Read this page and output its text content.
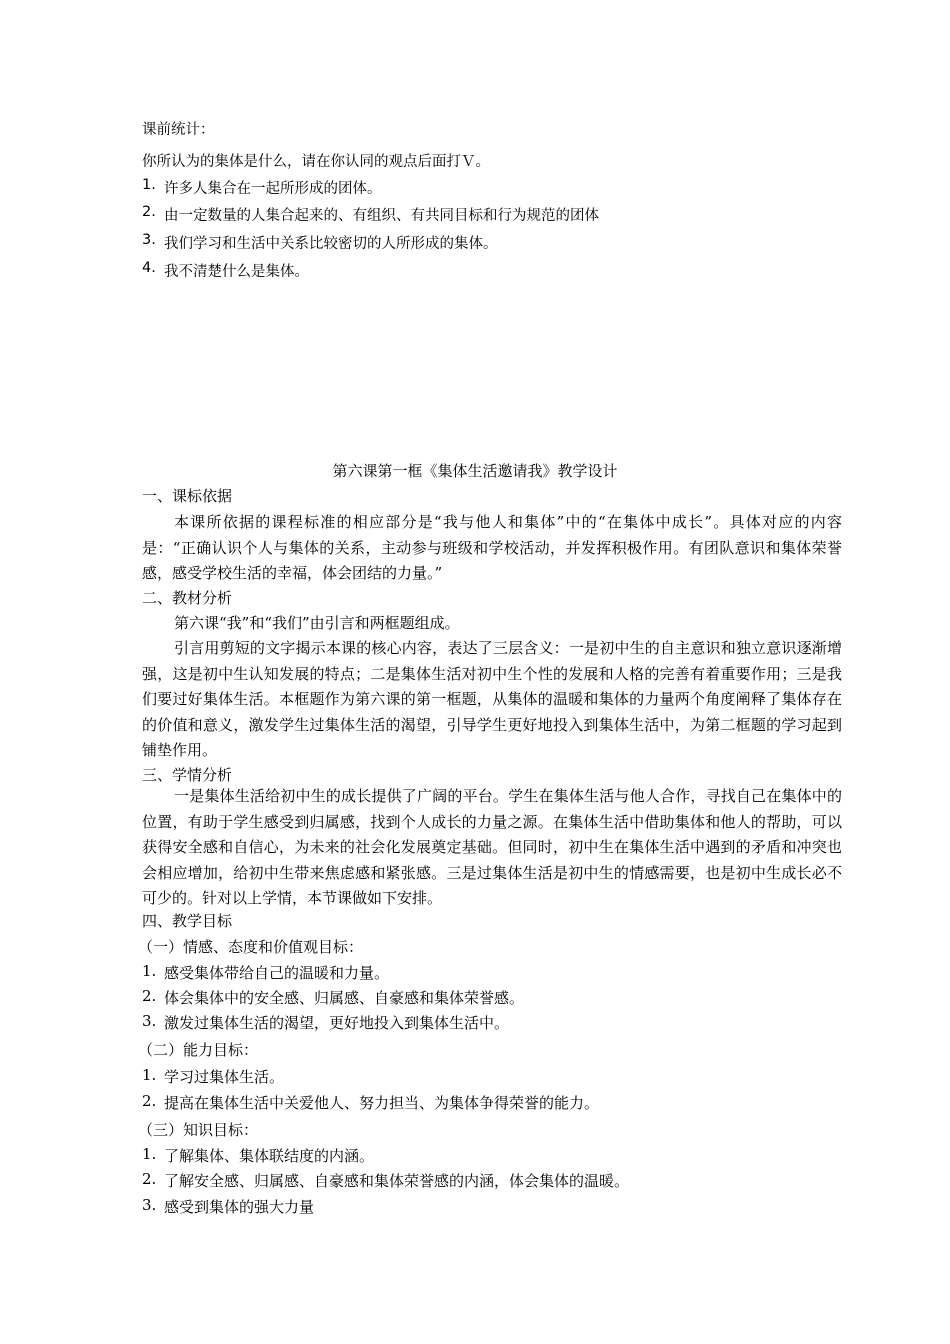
课前统计：
你所认为的集体是什么，请在你认同的观点后面打Ｖ。
1. 许多人集合在一起所形成的团体。
2. 由一定数量的人集合起来的、有组织、有共同目标和行为规范的团体
3. 我们学习和生活中关系比较密切的人所形成的集体。
4. 我不清楚什么是集体。
第六课第一框《集体生活邀请我》教学设计
一、课标依据
本课所依据的课程标准的相应部分是“我与他人和集体”中的“在集体中成长”。具体对应的内容是：“正确认识个人与集体的关系，主动参与班级和学校活动，并发挥积极作用。有团队意识和集体荣誉感，感受学校生活的幸福，体会团结的力量。”
二、教材分析
第六课“我”和“我们”由引言和两框题组成。
引言用剪短的文字揭示本课的核心内容，表达了三层含义：一是初中生的自主意识和独立意识逐渐增强，这是初中生认知发展的特点；二是集体生活对初中生个性的发展和人格的完善有着重要作用；三是我们要过好集体生活。本框题作为第六课的第一框题，从集体的温暖和集体的力量两个角度阐释了集体存在的价值和意义，激发学生过集体生活的渴望，引导学生更好地投入到集体生活中，为第二框题的学习起到铺垫作用。
三、学情分析
一是集体生活给初中生的成长提供了广阔的平台。学生在集体生活与他人合作，寻找自己在集体中的位置，有助于学生感受到归属感，找到个人成长的力量之源。在集体生活中借助集体和他人的帮助，可以获得安全感和自信心，为未来的社会化发展奠定基础。但同时，初中生在集体生活中遇到的矛盾和冲突也会相应增加，给初中生带来焦虑感和紧张感。三是过集体生活是初中生的情感需要，也是初中生成长必不可少的。针对以上学情，本节课做如下安排。
四、教学目标
（一）情感、态度和价值观目标：
1. 感受集体带给自己的温暖和力量。
2. 体会集体中的安全感、归属感、自豪感和集体荣誉感。
3. 激发过集体生活的渴望，更好地投入到集体生活中。
（二）能力目标：
1. 学习过集体生活。
2. 提高在集体生活中关爱他人、努力担当、为集体争得荣誉的能力。
（三）知识目标：
1. 了解集体、集体联结度的内涵。
2. 了解安全感、归属感、自豪感和集体荣誉感的内涵，体会集体的温暖。
3. 感受到集体的强大力量
